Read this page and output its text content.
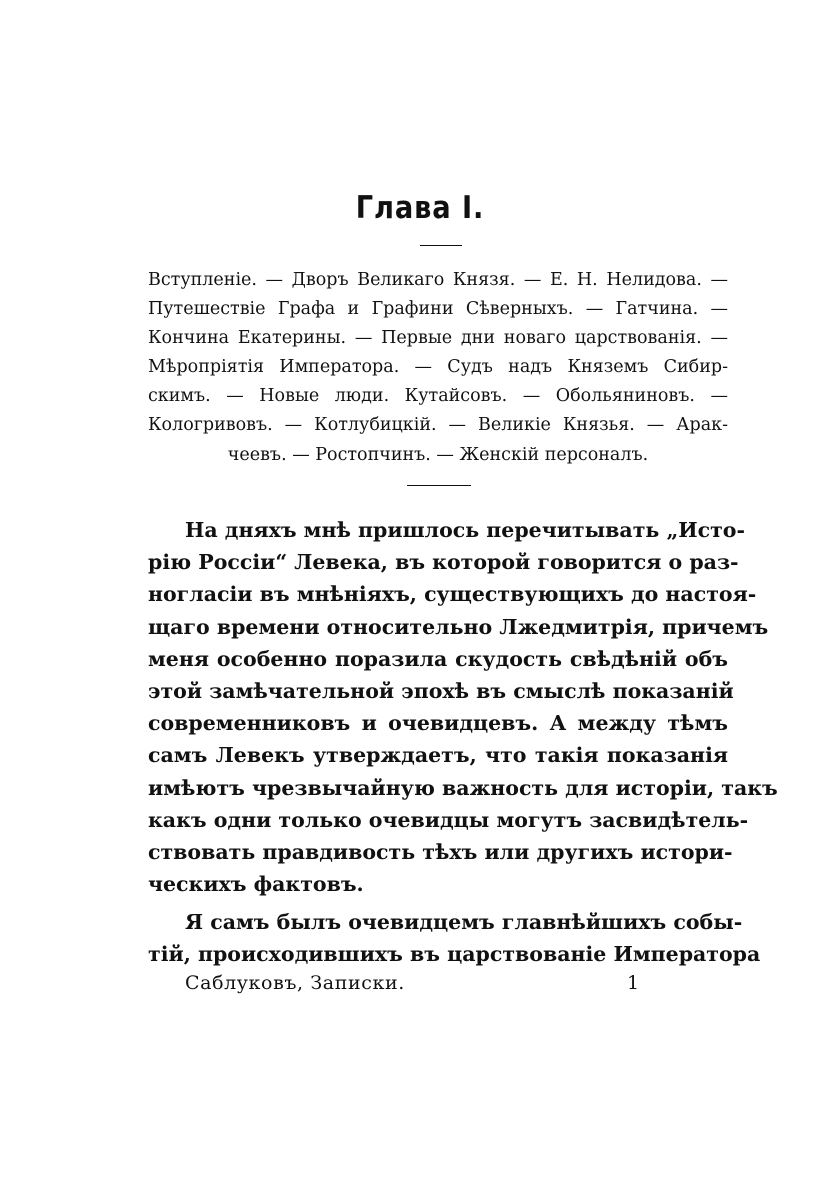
Глава I.
Вступленіе. — Дворъ Великаго Князя. — Е. Н. Нелидова. —
Путешествіе Графа и Графини Сѣверныхъ. — Гатчина. —
Кончина Екатерины. — Первые дни новаго царствованія. —
Мѣропріятія Императора. — Судъ надъ Княземъ Сибир-
скимъ. — Новые люди. Кутайсовъ. — Обольяниновъ. —
Кологривовъ. — Котлубицкій. — Великіе Князья. — Арак-
чеевъ. — Ростопчинъ. — Женскій персоналъ.
На дняхъ мнѣ пришлось перечитывать „Исто-
рію Россіи“ Левека, въ которой говорится о раз-
ногласіи въ мнѣніяхъ, существующихъ до настоя-
щаго времени относительно Лжедмитрія, причемъ
меня особенно поразила скудость свѣдѣній объ
этой замѣчательной эпохѣ въ смыслѣ показаній
современниковъ и очевидцевъ. А между тѣмъ
самъ Левекъ утверждаетъ, что такія показанія
имѣютъ чрезвычайную важность для исторіи, такъ
какъ одни только очевидцы могутъ засвидѣтель-
ствовать правдивость тѣхъ или другихъ истори-
ческихъ фактовъ.
Я самъ былъ очевидцемъ главнѣйшихъ собы-
тій, происходившихъ въ царствованіе Императора
Саблуковъ, Записки.	1
